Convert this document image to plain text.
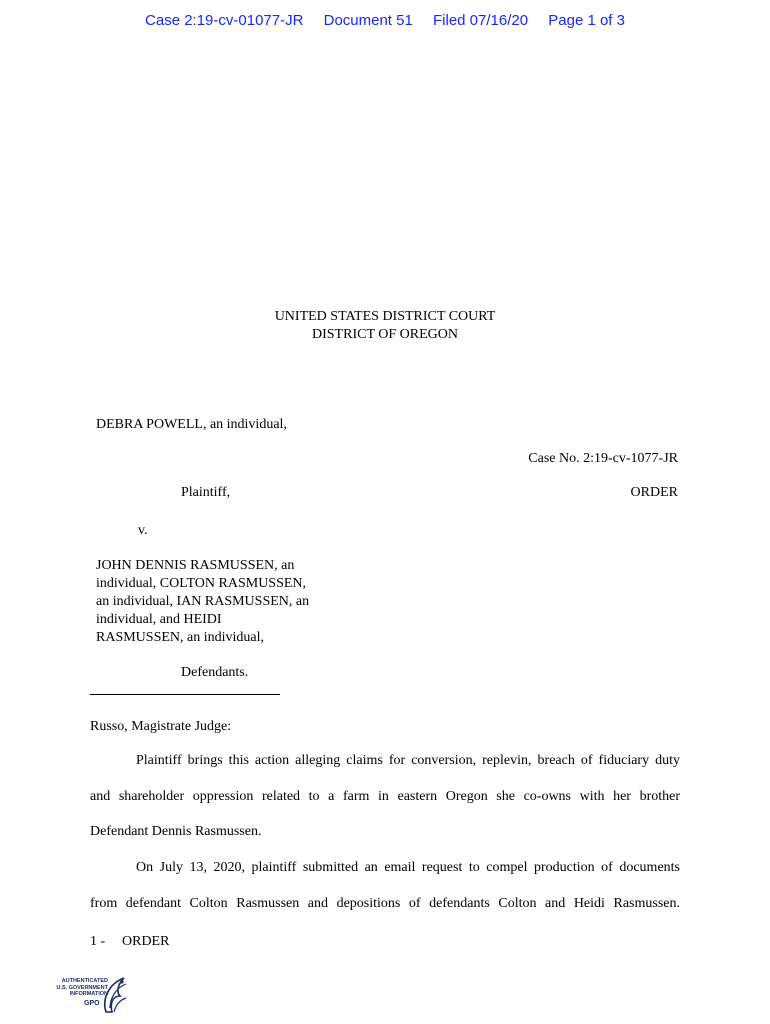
Case 2:19-cv-01077-JR Document 51 Filed 07/16/20 Page 1 of 3
UNITED STATES DISTRICT COURT
DISTRICT OF OREGON
DEBRA POWELL, an individual,
Case No. 2:19-cv-1077-JR
Plaintiff,	ORDER
v.
JOHN DENNIS RASMUSSEN, an
individual, COLTON RASMUSSEN,
an individual, IAN RASMUSSEN, an
individual, and HEIDI
RASMUSSEN, an individual,
Defendants.
Russo, Magistrate Judge:
Plaintiff brings this action alleging claims for conversion, replevin, breach of fiduciary duty
and shareholder oppression related to a farm in eastern Oregon she co-owns with her brother
Defendant Dennis Rasmussen.
On July 13, 2020, plaintiff submitted an email request to compel production of documents
from defendant Colton Rasmussen and depositions of defendants Colton and Heidi Rasmussen.
1 - ORDER
AUTHENTICATED
U.S. GOVERNMENT
INFORMATION
GPO
